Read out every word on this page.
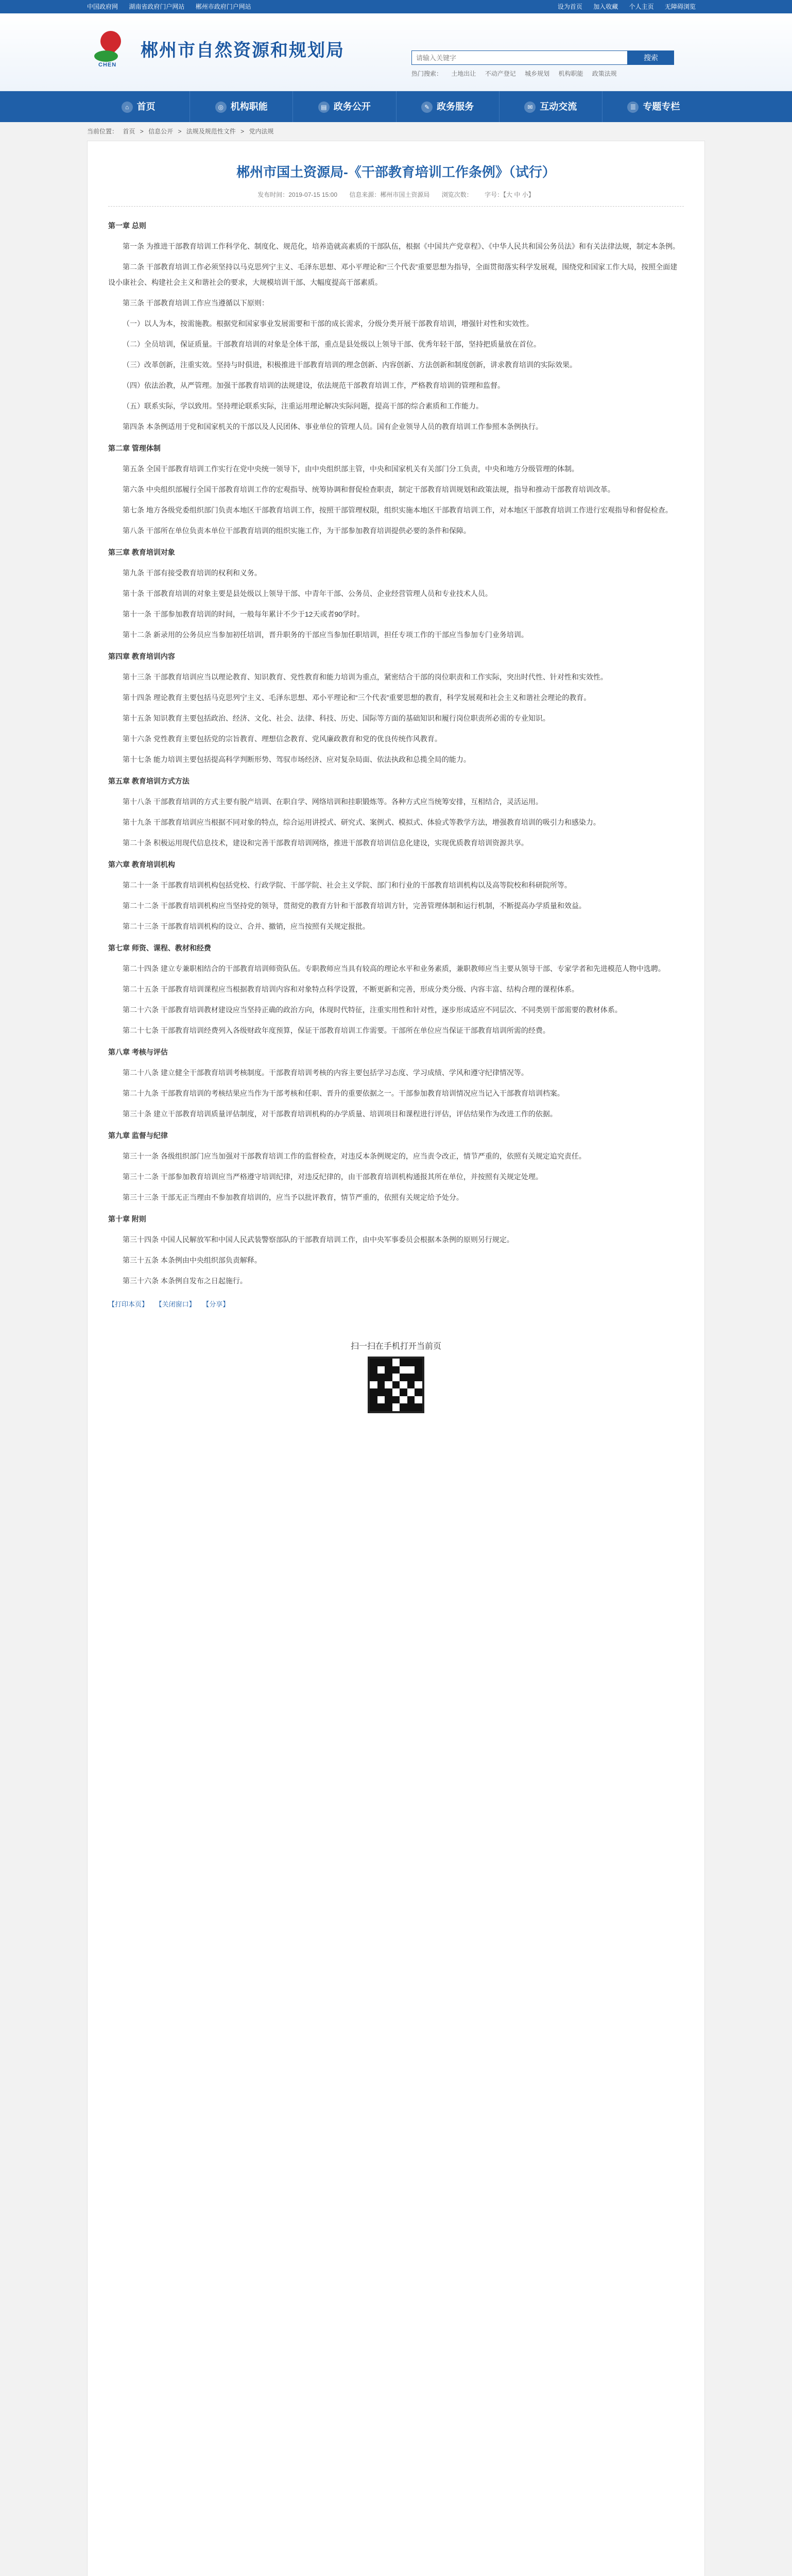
中国政府网 湖南省政府门户网站 郴州市政府门户网站	设为首页 加入收藏 个人主页 无障碍浏览
CHEN
郴州市自然资源和规划局
请输入关键字	搜索
热门搜索： 土地出让 不动产登记 城乡规划 机构职能 政策法规
⌂ 首页	◎ 机构职能	▤ 政务公开	✎ 政务服务	✉ 互动交流	☰ 专题专栏
当前位置： 首页 > 信息公开 > 法规及规范性文件 > 党内法规
郴州市国土资源局-《干部教育培训工作条例》（试行）
发布时间：2019-07-15 15:00 信息来源：郴州市国土资源局 浏览次数： 字号：【大 中 小】

第一章 总则

第一条 为推进干部教育培训工作科学化、制度化、规范化，培养造就高素质的干部队伍，根据《中国共产党章程》、《中华人民共和国公务员法》和有关法律法规，制定本条例。

第二条 干部教育培训工作必须坚持以马克思列宁主义、毛泽东思想、邓小平理论和“三个代表”重要思想为指导，全面贯彻落实科学发展观，围绕党和国家工作大局，按照全面建设小康社会、构建社会主义和谐社会的要求，大规模培训干部、大幅度提高干部素质。

第三条 干部教育培训工作应当遵循以下原则：

（一）以人为本，按需施教。根据党和国家事业发展需要和干部的成长需求，分级分类开展干部教育培训，增强针对性和实效性。

（二）全员培训，保证质量。干部教育培训的对象是全体干部，重点是县处级以上领导干部、优秀年轻干部，坚持把质量放在首位。

（三）改革创新，注重实效。坚持与时俱进，积极推进干部教育培训的理念创新、内容创新、方法创新和制度创新，讲求教育培训的实际效果。

（四）依法治教，从严管理。加强干部教育培训的法规建设，依法规范干部教育培训工作，严格教育培训的管理和监督。

（五）联系实际，学以致用。坚持理论联系实际，注重运用理论解决实际问题，提高干部的综合素质和工作能力。

第四条 本条例适用于党和国家机关的干部以及人民团体、事业单位的管理人员。国有企业领导人员的教育培训工作参照本条例执行。

第二章 管理体制

第五条 全国干部教育培训工作实行在党中央统一领导下，由中央组织部主管，中央和国家机关有关部门分工负责，中央和地方分级管理的体制。

第六条 中央组织部履行全国干部教育培训工作的宏观指导、统筹协调和督促检查职责，制定干部教育培训规划和政策法规，指导和推动干部教育培训改革。

第七条 地方各级党委组织部门负责本地区干部教育培训工作，按照干部管理权限，组织实施本地区干部教育培训工作，对本地区干部教育培训工作进行宏观指导和督促检查。

第八条 干部所在单位负责本单位干部教育培训的组织实施工作，为干部参加教育培训提供必要的条件和保障。

第三章 教育培训对象

第九条 干部有接受教育培训的权利和义务。

第十条 干部教育培训的对象主要是县处级以上领导干部、中青年干部、公务员、企业经营管理人员和专业技术人员。

第十一条 干部参加教育培训的时间，一般每年累计不少于12天或者90学时。

第十二条 新录用的公务员应当参加初任培训，晋升职务的干部应当参加任职培训，担任专项工作的干部应当参加专门业务培训。

第四章 教育培训内容

第十三条 干部教育培训应当以理论教育、知识教育、党性教育和能力培训为重点，紧密结合干部的岗位职责和工作实际，突出时代性、针对性和实效性。

第十四条 理论教育主要包括马克思列宁主义、毛泽东思想、邓小平理论和“三个代表”重要思想的教育，科学发展观和社会主义和谐社会理论的教育。

第十五条 知识教育主要包括政治、经济、文化、社会、法律、科技、历史、国际等方面的基础知识和履行岗位职责所必需的专业知识。

第十六条 党性教育主要包括党的宗旨教育、理想信念教育、党风廉政教育和党的优良传统作风教育。

第十七条 能力培训主要包括提高科学判断形势、驾驭市场经济、应对复杂局面、依法执政和总揽全局的能力。

第五章 教育培训方式方法

第十八条 干部教育培训的方式主要有脱产培训、在职自学、网络培训和挂职锻炼等。各种方式应当统筹安排，互相结合，灵活运用。

第十九条 干部教育培训应当根据不同对象的特点，综合运用讲授式、研究式、案例式、模拟式、体验式等教学方法，增强教育培训的吸引力和感染力。

第二十条 积极运用现代信息技术，建设和完善干部教育培训网络，推进干部教育培训信息化建设，实现优质教育培训资源共享。

第六章 教育培训机构

第二十一条 干部教育培训机构包括党校、行政学院、干部学院、社会主义学院、部门和行业的干部教育培训机构以及高等院校和科研院所等。

第二十二条 干部教育培训机构应当坚持党的领导，贯彻党的教育方针和干部教育培训方针，完善管理体制和运行机制，不断提高办学质量和效益。

第二十三条 干部教育培训机构的设立、合并、撤销，应当按照有关规定报批。

第七章 师资、课程、教材和经费

第二十四条 建立专兼职相结合的干部教育培训师资队伍。专职教师应当具有较高的理论水平和业务素质，兼职教师应当主要从领导干部、专家学者和先进模范人物中选聘。

第二十五条 干部教育培训课程应当根据教育培训内容和对象特点科学设置，不断更新和完善，形成分类分级、内容丰富、结构合理的课程体系。

第二十六条 干部教育培训教材建设应当坚持正确的政治方向，体现时代特征，注重实用性和针对性，逐步形成适应不同层次、不同类别干部需要的教材体系。

第二十七条 干部教育培训经费列入各级财政年度预算，保证干部教育培训工作需要。干部所在单位应当保证干部教育培训所需的经费。

第八章 考核与评估

第二十八条 建立健全干部教育培训考核制度。干部教育培训考核的内容主要包括学习态度、学习成绩、学风和遵守纪律情况等。

第二十九条 干部教育培训的考核结果应当作为干部考核和任职、晋升的重要依据之一。干部参加教育培训情况应当记入干部教育培训档案。

第三十条 建立干部教育培训质量评估制度，对干部教育培训机构的办学质量、培训项目和课程进行评估，评估结果作为改进工作的依据。

第九章 监督与纪律

第三十一条 各级组织部门应当加强对干部教育培训工作的监督检查，对违反本条例规定的，应当责令改正，情节严重的，依照有关规定追究责任。

第三十二条 干部参加教育培训应当严格遵守培训纪律，对违反纪律的，由干部教育培训机构通报其所在单位，并按照有关规定处理。

第三十三条 干部无正当理由不参加教育培训的，应当予以批评教育，情节严重的，依照有关规定给予处分。

第十章 附则

第三十四条 中国人民解放军和中国人民武装警察部队的干部教育培训工作，由中央军事委员会根据本条例的原则另行规定。

第三十五条 本条例由中央组织部负责解释。

第三十六条 本条例自发布之日起施行。

【打印本页】 【关闭窗口】 【分享】
扫一扫在手机打开当前页
